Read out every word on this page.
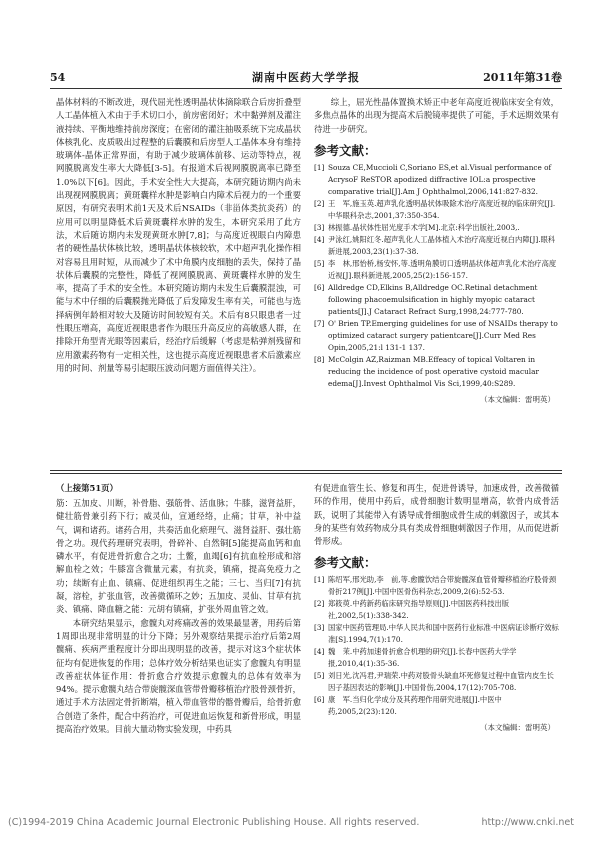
54	湖南中医药大学学报	2011年第31卷

晶体材料的不断改进，现代屈光性透明晶状体摘除联合后房折叠型人工晶体植入术由于手术切口小，前房密闭好；术中黏弹剂及灌注液持续、平衡地维持前房深度；在密闭的灌注抽吸系统下完成晶状体核乳化、皮质吸出过程整的后囊膜和后房型人工晶体本身有维持玻璃体-晶体正常界面，有助于减少玻璃体前移、运动等特点，视网膜脱离发生率大大降低[3-5]。有报道术后视网膜脱离率已降至1.0%以下[6]。因此，手术安全性大大提高，本研究随访期内尚未出现视网膜脱离；黄斑囊样水肿是影响白内障术后视力的一个重要原因，有研究表明术前1天及术后NSAIDs（非甾体类抗炎药）的应用可以明显降低术后黄斑囊样水肿的发生，本研究采用了此方法，术后随访期内未发现黄斑水肿[7,8]；与高度近视眼白内障患者的硬性晶状体核比较，透明晶状体核较软，术中超声乳化操作相对容易且用时短，从而减少了术中角膜内皮细胞的丢失，保持了晶状体后囊膜的完整性，降低了视网膜脱离、黄斑囊样水肿的发生率，提高了手术的安全性。本研究随访期内未发生后囊膜混浊，可能与术中仔细的后囊膜抛光降低了后发障发生率有关，可能也与选择病例年龄相对较大及随访时间较短有关。术后有8只眼患者一过性眼压增高，高度近视眼患者作为眼压升高反应的高敏感人群，在排除开角型青光眼等因素后，经治疗后缓解（考虑是粘弹剂残留和应用激素药物有一定相关性，这也提示高度近视眼患者术后激素应用的时间、剂量等易引起眼压波动问题方面值得关注）。

综上，屈光性晶体置换术矫正中老年高度近视临床安全有效，多焦点晶体的出现为提高术后脱镜率提供了可能，手术远期效果有待进一步研究。

参考文献：
[1] Souza CE,Muccioli C,Soriano ES,et al.Visual performance of AcrysoF ReSTOR apodized diffractive IOL:a prospective comparative trial[J].Am J Ophthalmol,2006,141:827-832.
[2] 王　军,施玉英.超声乳化透明晶状体吸除术治疗高度近视的临床研究[J].中华眼科杂志,2001,37:350-354.
[3] 林振德.晶状体性屈光度手术学[M].北京:科学出版社,2003,.
[4] 尹泳红,姚阳红冬.超声乳化人工晶体植入术治疗高度近视白内障[J].眼科新进展,2003,23(1):37-38.
[5] 李　林,邢怡桥,杨安怀,等.透明角膜切口透明晶状体超声乳化术治疗高度近视[J].眼科新进展,2005,25(2):156-157.
[6] Alldredge CD,Elkins B,Alldredge OC.Retinal detachment following phacoemulsification in highly myopic cataract patients[J].J Cataract Refract Surg,1998,24:777-780.
[7] O' Brien TP.Emerging guidelines for use of NSAIDs therapy to optimized cataract surgery patientcare[J].Curr Med Res Opin,2005,21:l 131-1 137.
[8] McColgin AZ,Raizman MB.Effeacy of topical Voltaren in reducing the incidence of post operative cystoid macular edema[J].Invest Ophthalmol Vis Sci,1999,40:S289.
（本文编辑：雷明英）
（上接第51页）

筋：五加皮、川断，补骨脂、强筋骨、活血脉；牛膝，滋肾益肝，健壮筋骨兼引药下行；威灵仙，宣通经络，止痛；甘草，补中益气，调和诸药。诸药合用，共奏活血化瘀理气、滋肾益肝、强壮筋骨之功。现代药理研究表明，骨碎补、自然铜[5]能提高血钙和血磷水平，有促进骨折愈合之功；土鳖，血竭[6]有抗血栓形成和溶解血栓之效；牛膝富含微量元素，有抗炎，镇痛，提高免疫力之功；续断有止血、镇痛、促进组织再生之能；三七、当归[7]有抗凝，溶栓，扩张血管，改善微循环之妙；五加皮、灵仙、甘草有抗炎、镇痛、降血糖之能：元胡有镇痛，扩张外周血管之效。

本研究结果显示，愈髋丸对疼痛改善的效果最显著，用药后第1周即出现非常明显的计分下降；另外观察结果提示治疗后第2周髋痛、疾病严重程度计分即出现明显的改善，提示对这3个症状体征均有促进恢复的作用；总体疗效分析结果也证实了愈髋丸有明显改善症状体征作用：骨折愈合疗效提示愈髋丸的总体有效率为94%。提示愈髋丸结合带旋髋深血管带骨瓣移植治疗股骨颈骨折，通过手术方法固定骨折断端，植入带血管带的髂骨瓣后，给骨折愈合创造了条件，配合中药治疗，可促进血运恢复和新骨形成，明显提高治疗效果。目前大量动物实验发现，中药具

有促进血管生长、修复和再生，促进骨诱导，加速成骨，改善微循环的作用，使用中药后，成骨细胞计数明显增高，软骨内成骨活跃，说明了其能带入有诱导成骨细胞成骨生成的刺激因子，或其本身的某些有效药物成分具有类成骨细胞刺激因子作用，从而促进新骨形成。

参考文献：
[1] 陈绍军,邢光助,李　前,等.愈髋饮结合带旋髋深血管骨瓣移植治疗股骨颈骨折217例[J].中国中医骨伤科杂志,2009,2(6):52-53.
[2] 郑筱萸.中药新药临床研究指导原则[J].中国医药科技出版社,2002,5(1):338-342.
[3] 国家中医药管理局.中华人民共和国中医药行业标准·中医病证诊断疗效标准[S].1994,7(1):170.
[4] 魏　茉.中药加速骨折愈合机理的研究[J].长春中医药大学学报,2010,4(1):35-36.
[5] 刘日光,沈冯君,尹瑞荣.中药对股骨头缺血坏死修复过程中血管内皮生长因子基因表达的影响[J].中国骨伤,2004,17(12):705-708.
[6] 康　军.当归化学成分及其药理作用研究进展[J].中医中药,2005,2(23):120.
（本文编辑：雷明英）
(C)1994-2019 China Academic Journal Electronic Publishing House. All rights reserved.	http://www.cnki.net
